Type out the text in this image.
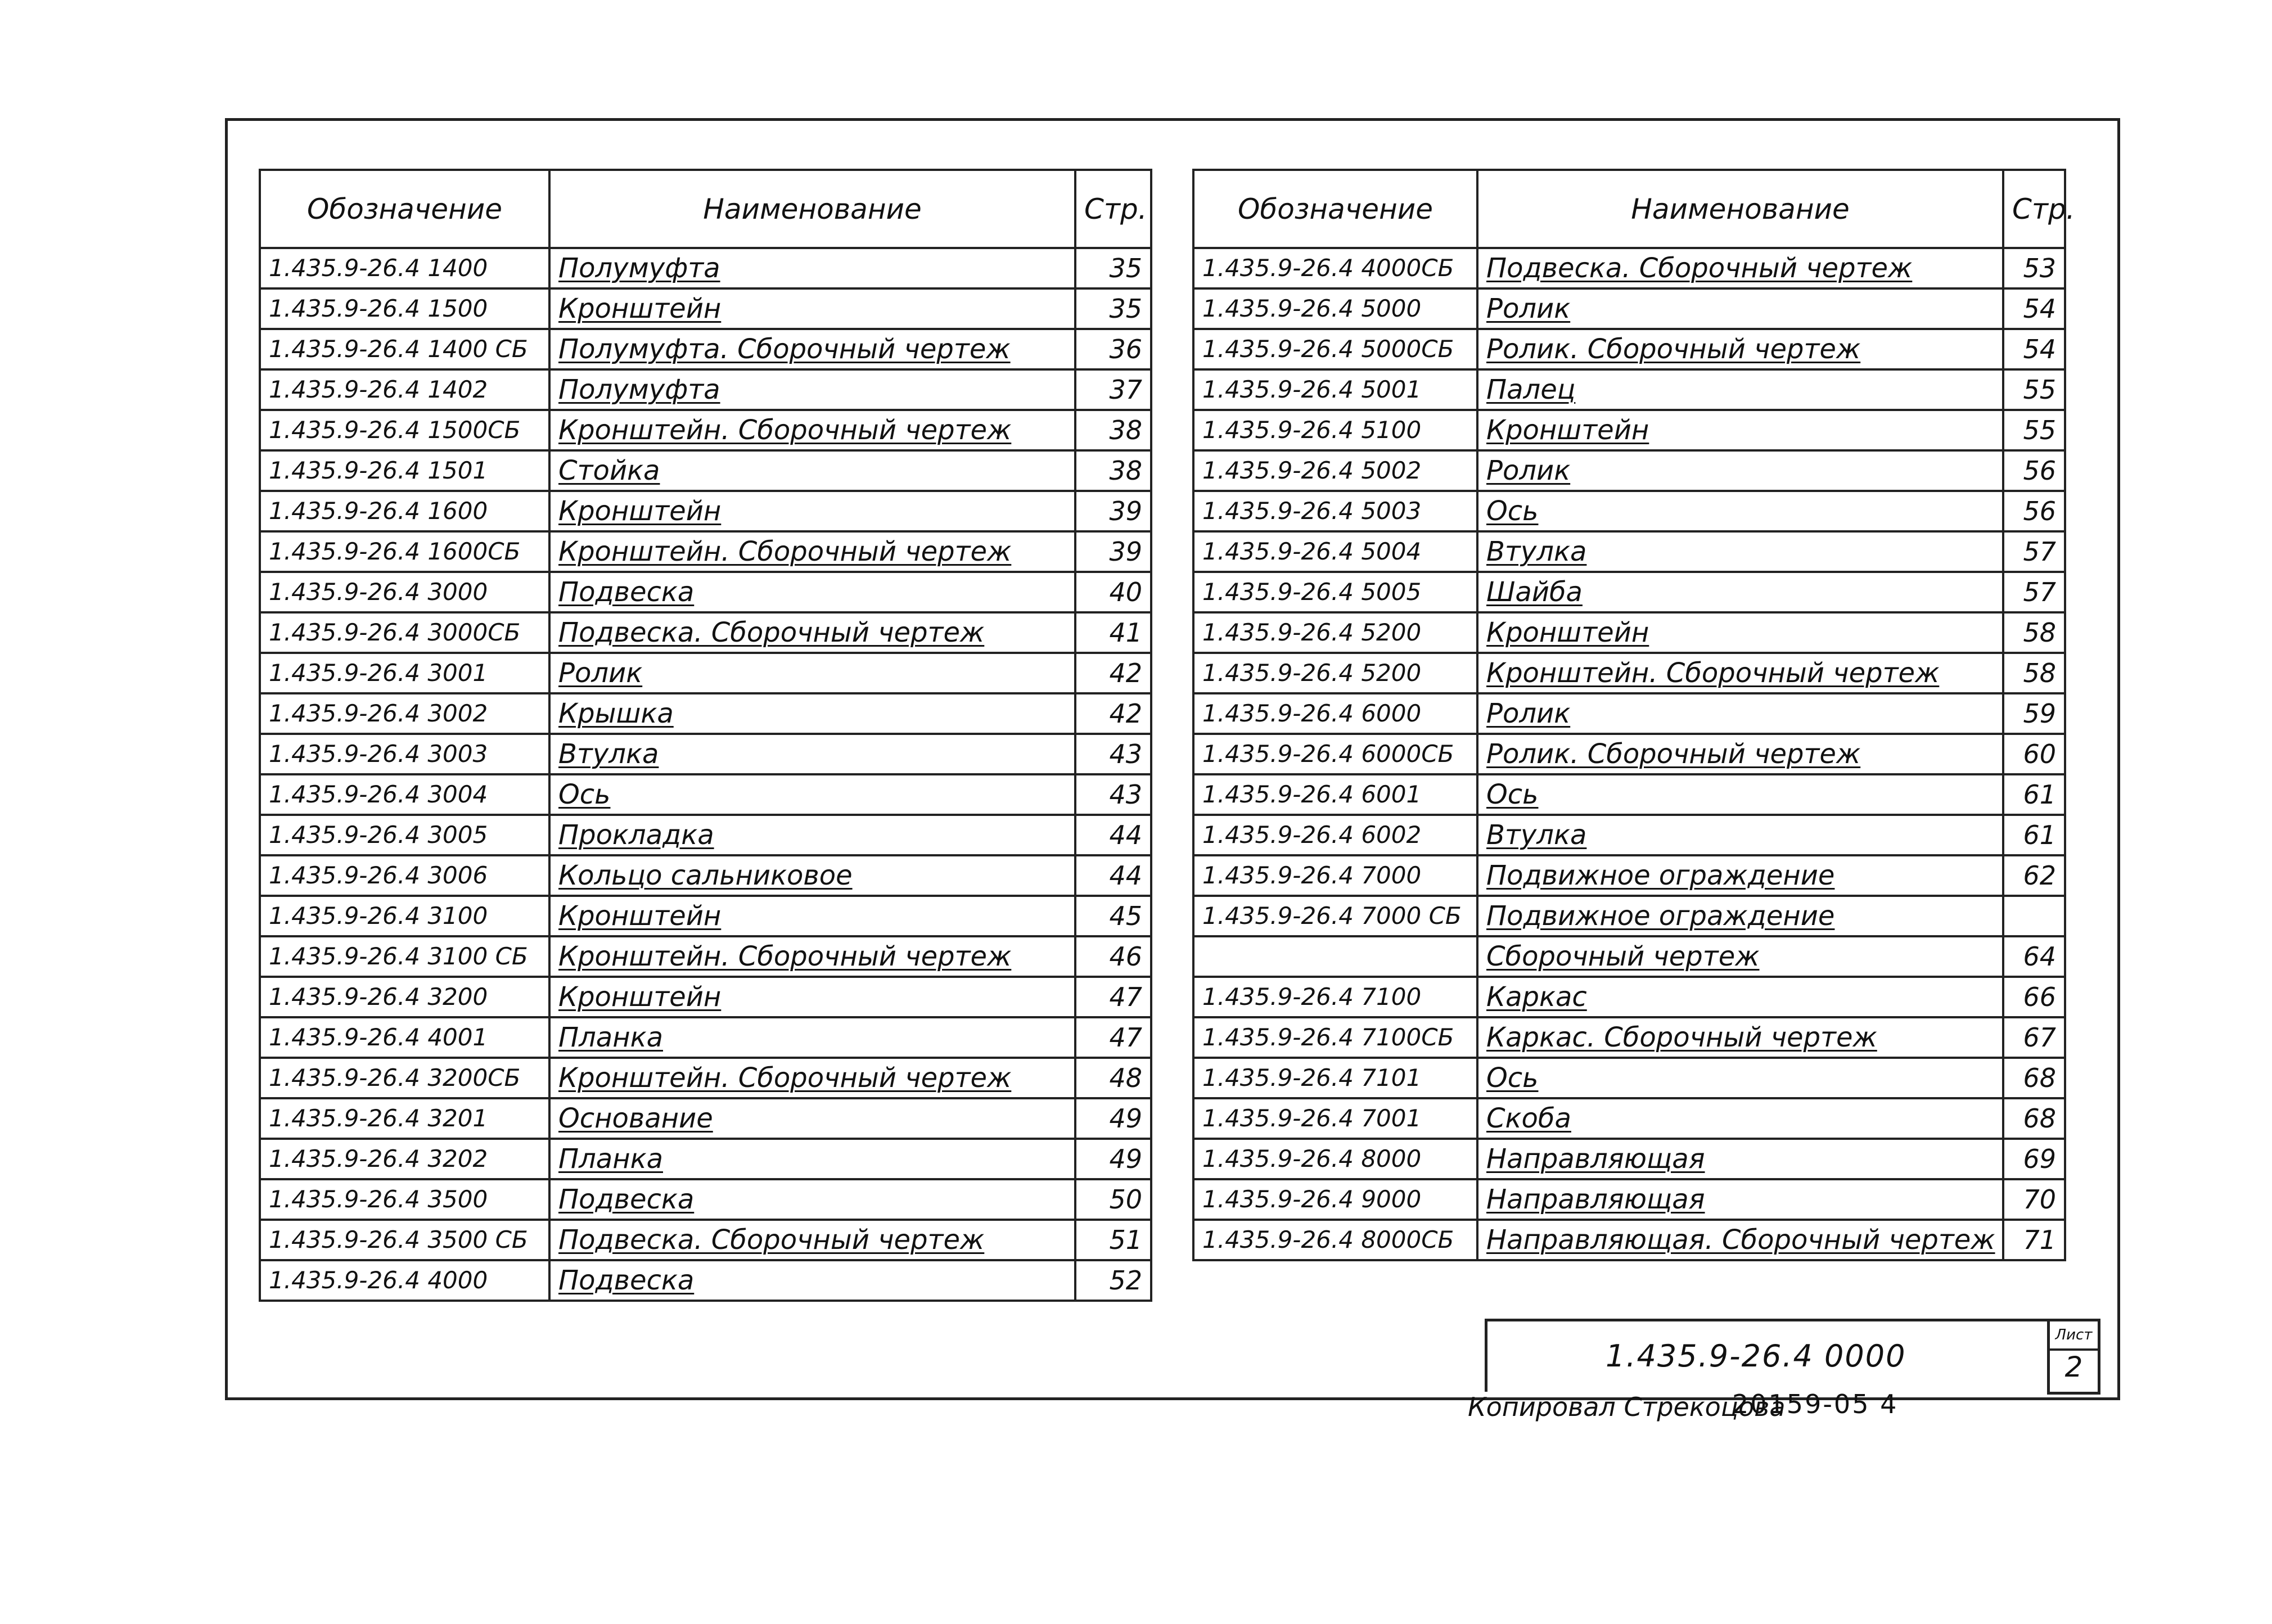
Обозначение	Наименование	Стр.
1.435.9-26.4 1400	Полумуфта	35
1.435.9-26.4 1500	Кронштейн	35
1.435.9-26.4 1400 СБ	Полумуфта. Сборочный чертеж	36
1.435.9-26.4 1402	Полумуфта	37
1.435.9-26.4 1500СБ	Кронштейн. Сборочный чертеж	38
1.435.9-26.4 1501	Стойка	38
1.435.9-26.4 1600	Кронштейн	39
1.435.9-26.4 1600СБ	Кронштейн. Сборочный чертеж	39
1.435.9-26.4 3000	Подвеска	40
1.435.9-26.4 3000СБ	Подвеска. Сборочный чертеж	41
1.435.9-26.4 3001	Ролик	42
1.435.9-26.4 3002	Крышка	42
1.435.9-26.4 3003	Втулка	43
1.435.9-26.4 3004	Ось	43
1.435.9-26.4 3005	Прокладка	44
1.435.9-26.4 3006	Кольцо сальниковое	44
1.435.9-26.4 3100	Кронштейн	45
1.435.9-26.4 3100 СБ	Кронштейн. Сборочный чертеж	46
1.435.9-26.4 3200	Кронштейн	47
1.435.9-26.4 4001	Планка	47
1.435.9-26.4 3200СБ	Кронштейн. Сборочный чертеж	48
1.435.9-26.4 3201	Основание	49
1.435.9-26.4 3202	Планка	49
1.435.9-26.4 3500	Подвеска	50
1.435.9-26.4 3500 СБ	Подвеска. Сборочный чертеж	51
1.435.9-26.4 4000	Подвеска	52
Обозначение	Наименование	Стр.
1.435.9-26.4 4000СБ	Подвеска. Сборочный чертеж	53
1.435.9-26.4 5000	Ролик	54
1.435.9-26.4 5000СБ	Ролик. Сборочный чертеж	54
1.435.9-26.4 5001	Палец	55
1.435.9-26.4 5100	Кронштейн	55
1.435.9-26.4 5002	Ролик	56
1.435.9-26.4 5003	Ось	56
1.435.9-26.4 5004	Втулка	57
1.435.9-26.4 5005	Шайба	57
1.435.9-26.4 5200	Кронштейн	58
1.435.9-26.4 5200	Кронштейн. Сборочный чертеж	58
1.435.9-26.4 6000	Ролик	59
1.435.9-26.4 6000СБ	Ролик. Сборочный чертеж	60
1.435.9-26.4 6001	Ось	61
1.435.9-26.4 6002	Втулка	61
1.435.9-26.4 7000	Подвижное ограждение	62
1.435.9-26.4 7000 СБ	Подвижное ограждение	
	Сборочный чертеж	64
1.435.9-26.4 7100	Каркас	66
1.435.9-26.4 7100СБ	Каркас. Сборочный чертеж	67
1.435.9-26.4 7101	Ось	68
1.435.9-26.4 7001	Скоба	68
1.435.9-26.4 8000	Направляющая	69
1.435.9-26.4 9000	Направляющая	70
1.435.9-26.4 8000СБ	Направляющая. Сборочный чертеж	71
1.435.9-26.4 0000
Лист
2
Копировал Стрекоцова
20159-05 4
